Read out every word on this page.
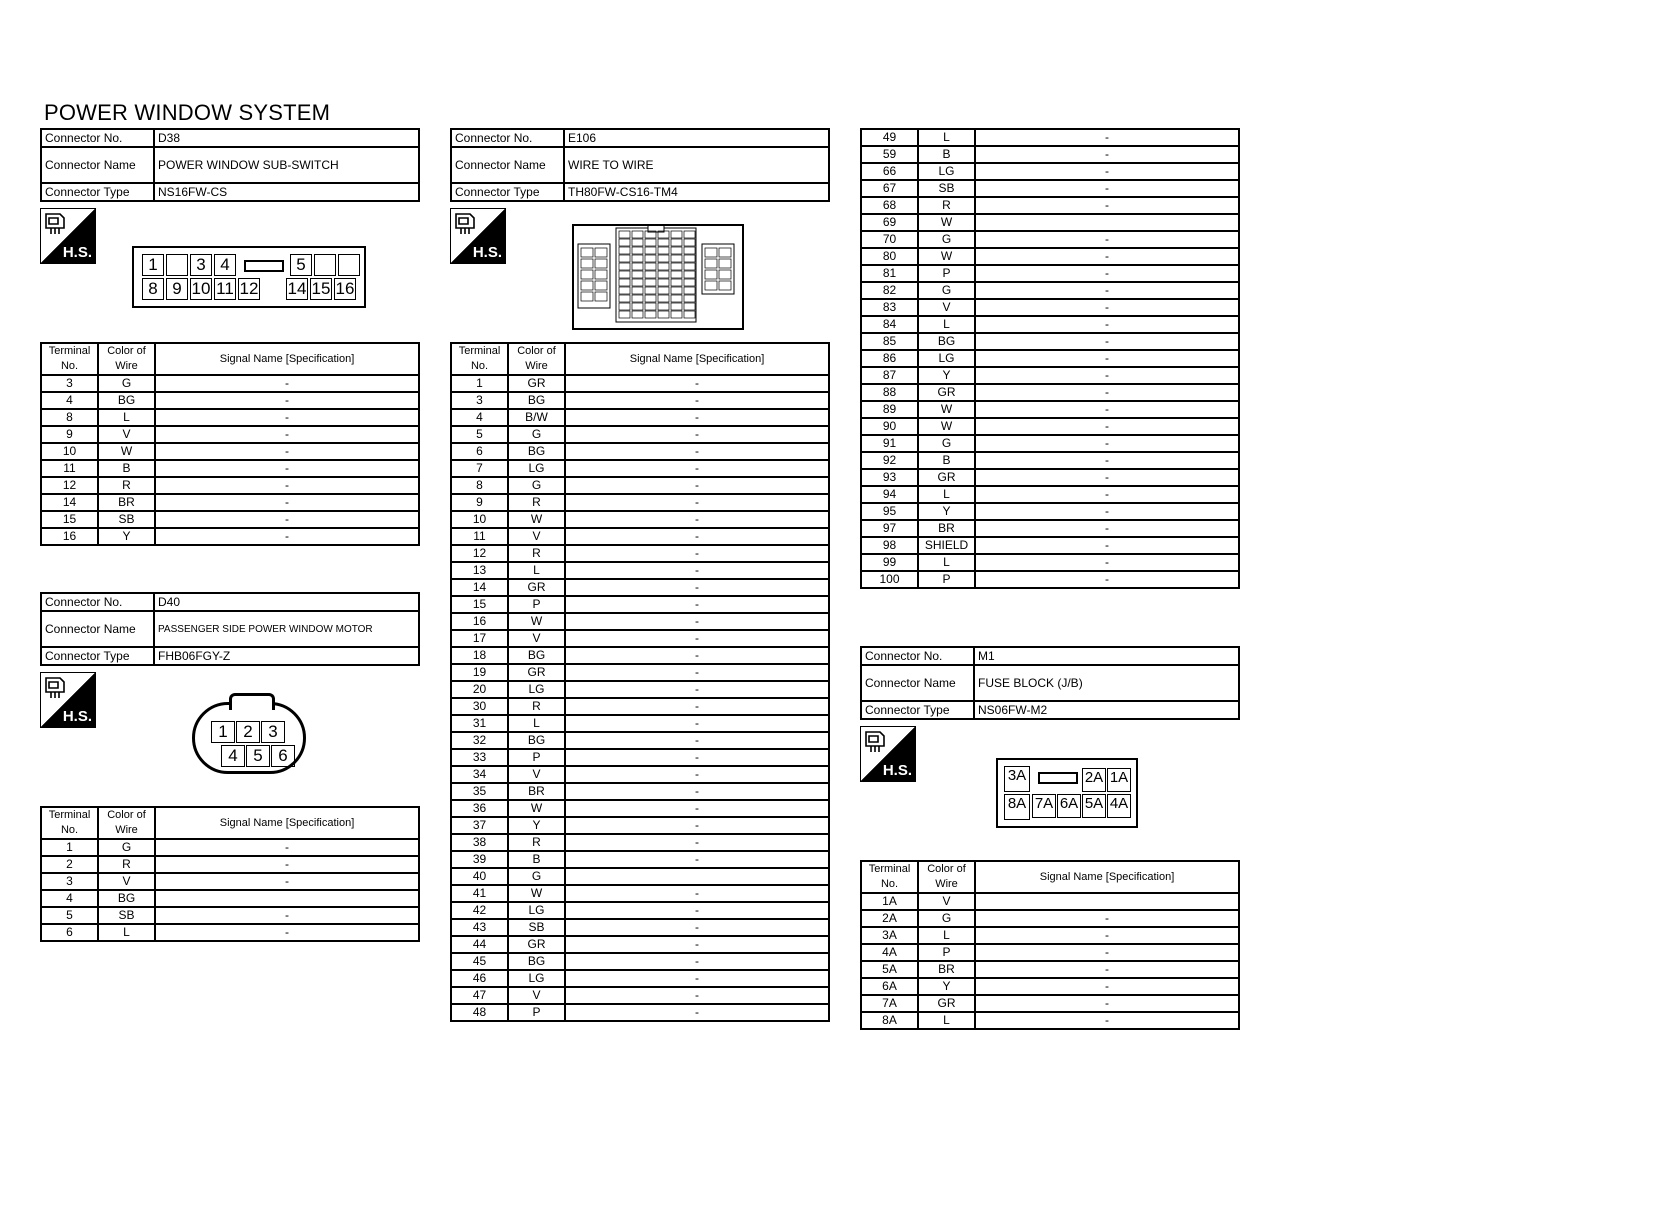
POWER WINDOW SYSTEM
Connector No.	D38
Connector Name	POWER WINDOW SUB-SWITCH
Connector Type	NS16FW-CS
H.S.
1	3 4	5
8 9 10 11 12 14 15 16
Terminal No.	Color of Wire	Signal Name [Specification]
3	G	-
4	BG	-
8	L	-
9	V	-
10	W	-
11	B	-
12	R	-
14	BR	-
15	SB	-
16	Y	-
Connector No.	D40
Connector Name	PASSENGER SIDE POWER WINDOW MOTOR
Connector Type	FHB06FGY-Z
H.S.
1 2 3
4 5 6
Terminal No.	Color of Wire	Signal Name [Specification]
1	G	-
2	R	-
3	V	-
4	BG	
5	SB	-
6	L	-
Connector No.	E106
Connector Name	WIRE TO WIRE
Connector Type	TH80FW-CS16-TM4
H.S.
Terminal No.	Color of Wire	Signal Name [Specification]
1	GR	-
3	BG	-
4	B/W	-
5	G	-
6	BG	-
7	LG	-
8	G	-
9	R	-
10	W	-
11	V	-
12	R	-
13	L	-
14	GR	-
15	P	-
16	W	-
17	V	-
18	BG	-
19	GR	-
20	LG	-
30	R	-
31	L	-
32	BG	-
33	P	-
34	V	-
35	BR	-
36	W	-
37	Y	-
38	R	-
39	B	-
40	G	
41	W	-
42	LG	-
43	SB	-
44	GR	-
45	BG	-
46	LG	-
47	V	-
48	P	-
49	L	-
59	B	-
66	LG	-
67	SB	-
68	R	-
69	W	
70	G	-
80	W	-
81	P	-
82	G	-
83	V	-
84	L	-
85	BG	-
86	LG	-
87	Y	-
88	GR	-
89	W	-
90	W	-
91	G	-
92	B	-
93	GR	-
94	L	-
95	Y	-
97	BR	-
98	SHIELD	-
99	L	-
100	P	-
Connector No.	M1
Connector Name	FUSE BLOCK (J/B)
Connector Type	NS06FW-M2
H.S.	3A	2A 1A
8A 7A 6A 5A 4A
Terminal No.	Color of Wire	Signal Name [Specification]
1A	V	
2A	G	-
3A	L	-
4A	P	-
5A	BR	-
6A	Y	-
7A	GR	-
8A	L	-
